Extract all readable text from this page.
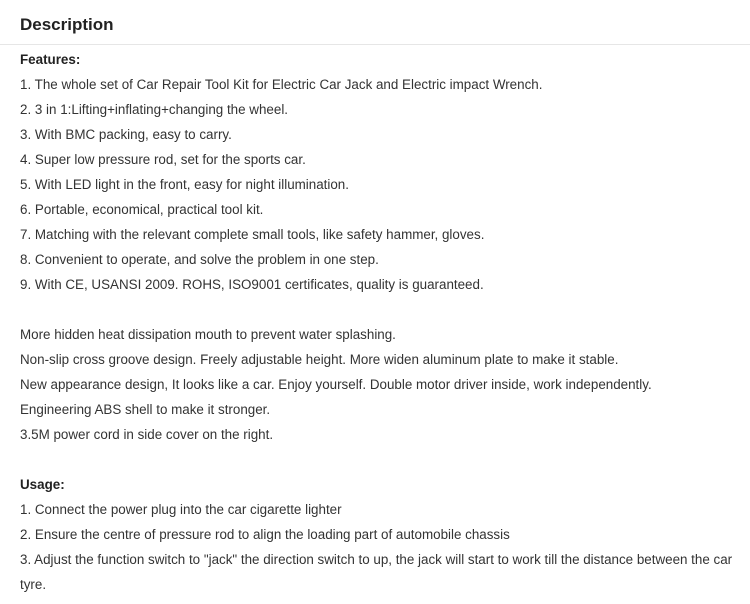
Description
Features:
1. The whole set of Car Repair Tool Kit for Electric Car Jack and Electric impact Wrench.
2. 3 in 1:Lifting+inflating+changing the wheel.
3. With BMC packing, easy to carry.
4. Super low pressure rod, set for the sports car.
5. With LED light in the front, easy for night illumination.
6. Portable, economical, practical tool kit.
7. Matching with the relevant complete small tools, like safety hammer, gloves.
8. Convenient to operate, and solve the problem in one step.
9. With CE, USANSI 2009. ROHS, ISO9001 certificates, quality is guaranteed.
More hidden heat dissipation mouth to prevent water splashing.
Non-slip cross groove design. Freely adjustable height. More widen aluminum plate to make it stable.
New appearance design, It looks like a car. Enjoy yourself. Double motor driver inside, work independently.
Engineering ABS shell to make it stronger.
3.5M power cord in side cover on the right.
Usage:
1. Connect the power plug into the car cigarette lighter
2. Ensure the centre of pressure rod to align the loading part of automobile chassis
3. Adjust the function switch to "jack" the direction switch to up, the jack will start to work till the distance between the car tyre.
